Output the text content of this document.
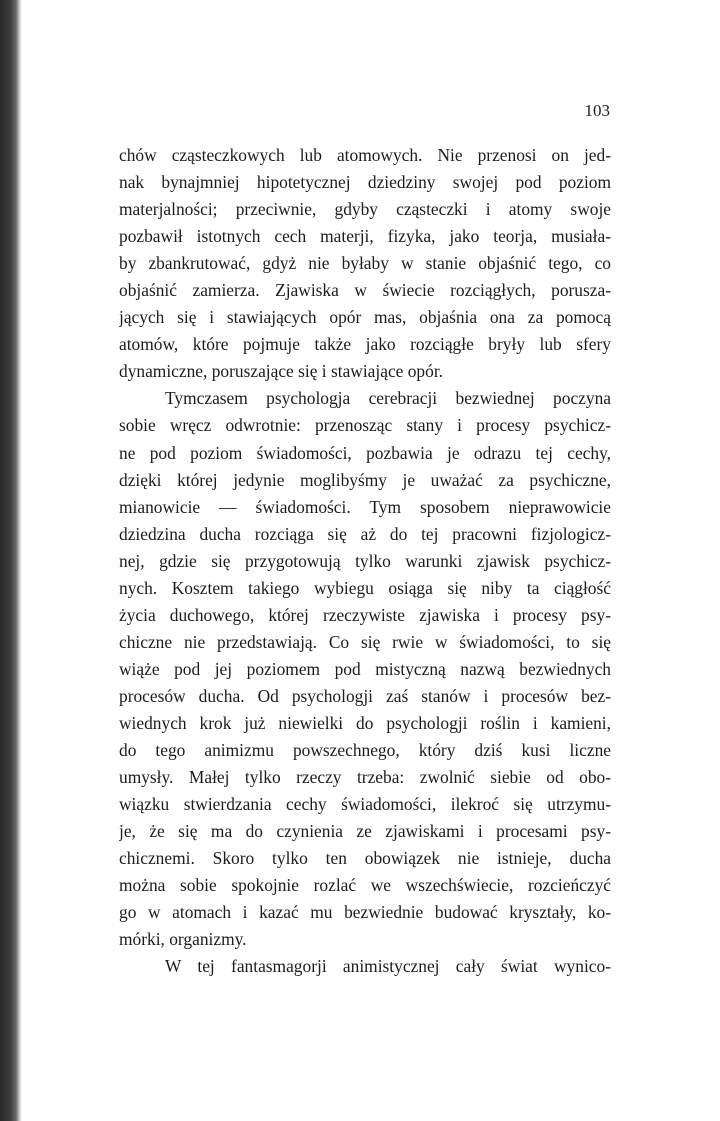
103
chów cząsteczkowych lub atomowych. Nie przenosi on jed-
nak bynajmniej hipotetycznej dziedziny swojej pod poziom
materjalności; przeciwnie, gdyby cząsteczki i atomy swoje
pozbawił istotnych cech materji, fizyka, jako teorja, musiała-
by zbankrutować, gdyż nie byłaby w stanie objaśnić tego, co
objaśnić zamierza. Zjawiska w świecie rozciągłych, porusza-
jących się i stawiających opór mas, objaśnia ona za pomocą
atomów, które pojmuje także jako rozciągłe bryły lub sfery
dynamiczne, poruszające się i stawiające opór.
Tymczasem psychologja cerebracji bezwiednej poczyna
sobie wręcz odwrotnie: przenosząc stany i procesy psychicz-
ne pod poziom świadomości, pozbawia je odrazu tej cechy,
dzięki której jedynie moglibyśmy je uważać za psychiczne,
mianowicie — świadomości. Tym sposobem nieprawowicie
dziedzina ducha rozciąga się aż do tej pracowni fizjologicz-
nej, gdzie się przygotowują tylko warunki zjawisk psychicz-
nych. Kosztem takiego wybiegu osiąga się niby ta ciągłość
życia duchowego, której rzeczywiste zjawiska i procesy psy-
chiczne nie przedstawiają. Co się rwie w świadomości, to się
wiąże pod jej poziomem pod mistyczną nazwą bezwiednych
procesów ducha. Od psychologji zaś stanów i procesów bez-
wiednych krok już niewielki do psychologji roślin i kamieni,
do tego animizmu powszechnego, który dziś kusi liczne
umysły. Małej tylko rzeczy trzeba: zwolnić siebie od obo-
wiązku stwierdzania cechy świadomości, ilekroć się utrzymu-
je, że się ma do czynienia ze zjawiskami i procesami psy-
chicznemi. Skoro tylko ten obowiązek nie istnieje, ducha
można sobie spokojnie rozlać we wszechświecie, rozcieńczyć
go w atomach i kazać mu bezwiednie budować kryształy, ko-
mórki, organizmy.
W tej fantasmagorji animistycznej cały świat wynico-
